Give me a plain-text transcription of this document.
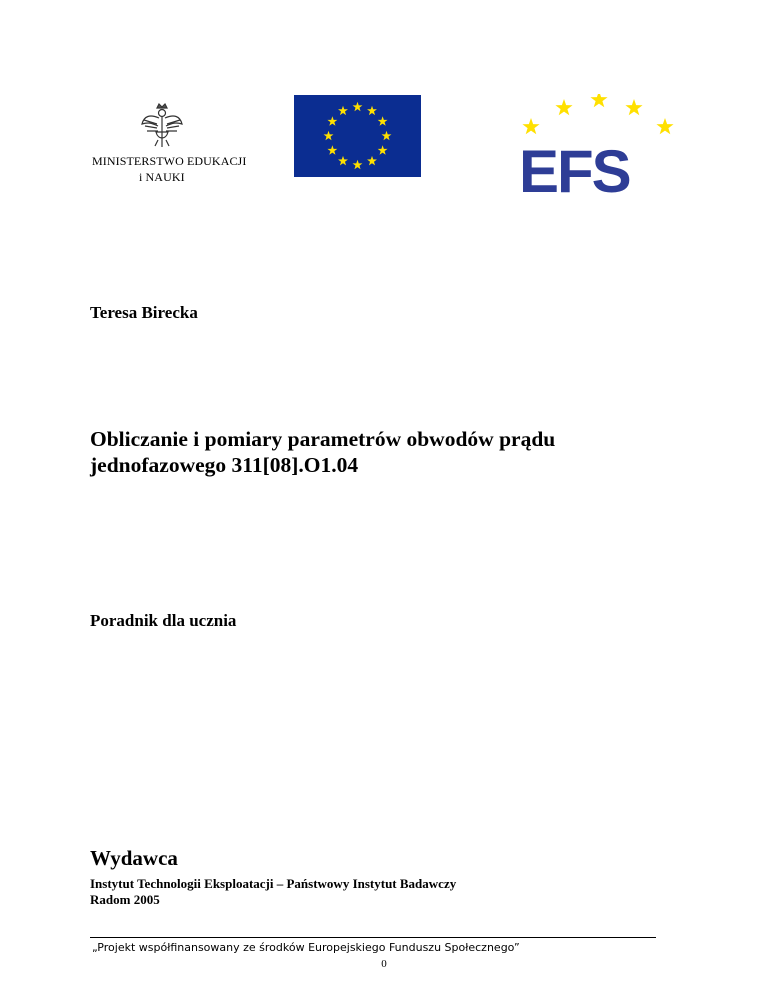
MINISTERSTWO EDUKACJI
i NAUKI	EFS
Teresa Birecka
Obliczanie i pomiary parametrów obwodów prądu
jednofazowego 311[08].O1.04
Poradnik dla ucznia
Wydawca
Instytut Technologii Eksploatacji – Państwowy Instytut Badawczy
Radom 2005
„Projekt współfinansowany ze środków Europejskiego Funduszu Społecznego”
0
